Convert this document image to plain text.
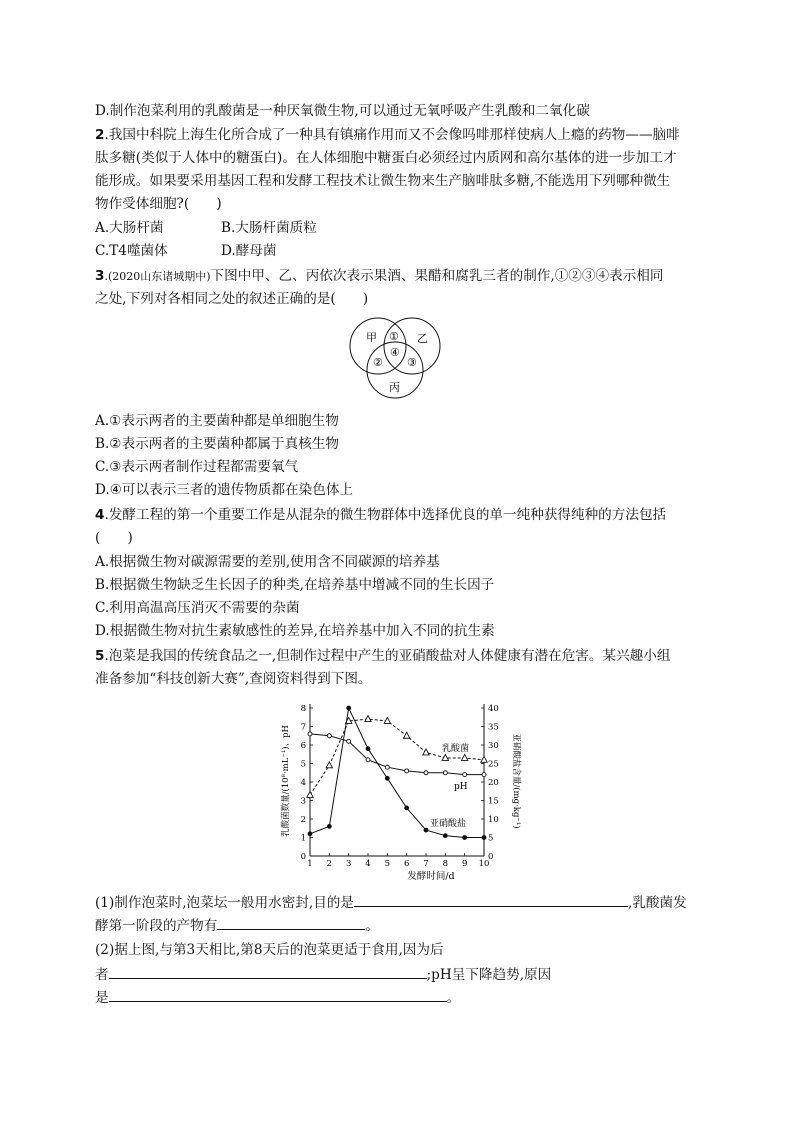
D.制作泡菜利用的乳酸菌是一种厌氧微生物,可以通过无氧呼吸产生乳酸和二氧化碳
2.我国中科院上海生化所合成了一种具有镇痛作用而又不会像吗啡那样使病人上瘾的药物——脑啡
肽多糖(类似于人体中的糖蛋白)。在人体细胞中糖蛋白必须经过内质网和高尔基体的进一步加工才
能形成。如果要采用基因工程和发酵工程技术让微生物来生产脑啡肽多糖,不能选用下列哪种微生
物作受体细胞?(　　)
A.大肠杆菌	B.大肠杆菌质粒
C.T4噬菌体	D.酵母菌
3.(2020山东诸城期中)下图中甲、乙、丙依次表示果酒、果醋和腐乳三者的制作,①②③④表示相同
之处,下列对各相同之处的叙述正确的是(　　)
甲	乙
丙
①
② ③
④
A.①表示两者的主要菌种都是单细胞生物
B.②表示两者的主要菌种都属于真核生物
C.③表示两者制作过程都需要氧气
D.④可以表示三者的遗传物质都在染色体上
4.发酵工程的第一个重要工作是从混杂的微生物群体中选择优良的单一纯种获得纯种的方法包括
(　　)
A.根据微生物对碳源需要的差别,使用含不同碳源的培养基
B.根据微生物缺乏生长因子的种类,在培养基中增减不同的生长因子
C.利用高温高压消灭不需要的杂菌
D.根据微生物对抗生素敏感性的差异,在培养基中加入不同的抗生素
5.泡菜是我国的传统食品之一,但制作过程中产生的亚硝酸盐对人体健康有潜在危害。某兴趣小组
准备参加“科技创新大赛”,查阅资料得到下图。
0
1
2
3
4
5
6
7
8
0
5
10
15
20
25
30
35
40
1 2 3 4 5 6 7 8 9 10
发酵时间/d
乳酸菌数量/(10⁸·mL⁻¹)、pH	亚硝酸盐含量/(mg·kg⁻¹)
乳酸菌
pH
亚硝酸盐
(1)制作泡菜时,泡菜坛一般用水密封,目的是	,乳酸菌发
酵第一阶段的产物有	。
(2)据上图,与第3天相比,第8天后的泡菜更适于食用,因为后
者	;pH呈下降趋势,原因
是	。
